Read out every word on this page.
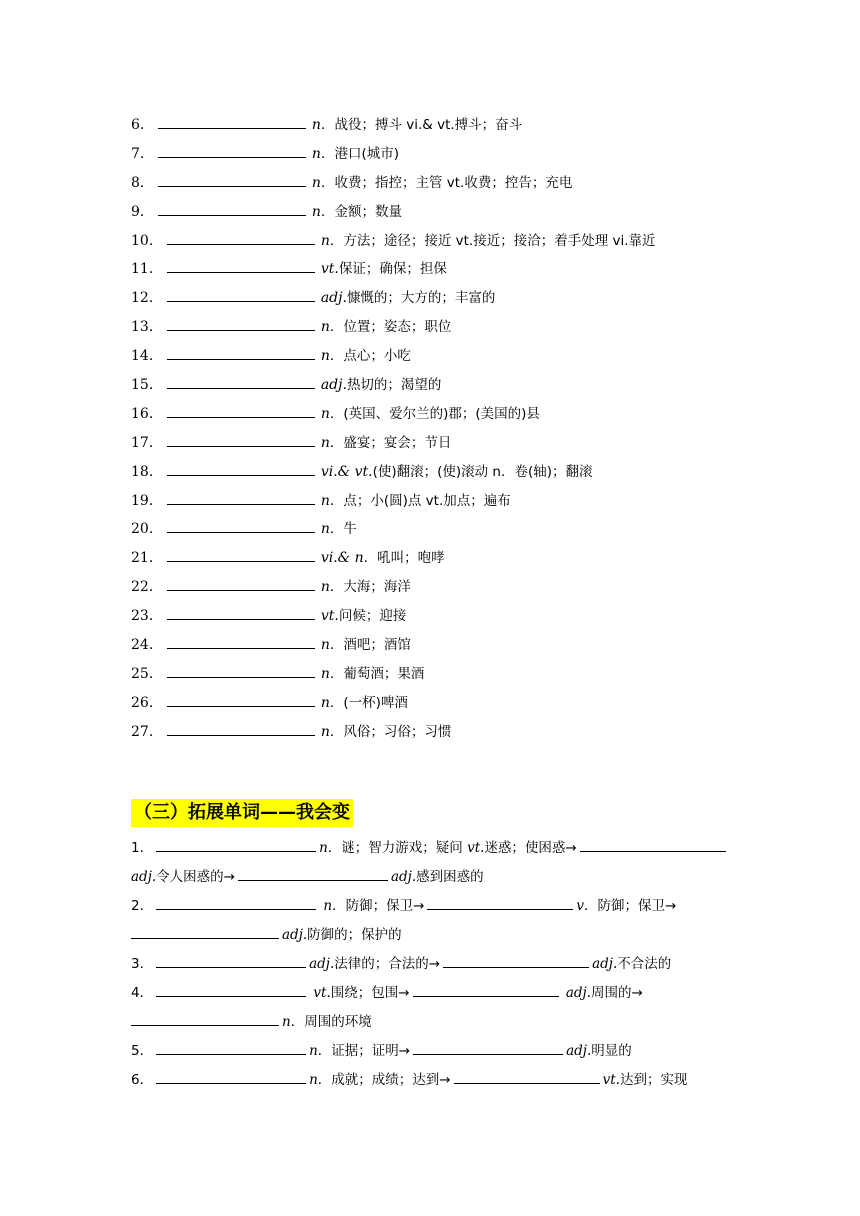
6．	n．战役；搏斗 vi.& vt.搏斗；奋斗
7．	n．港口(城市)
8．	n．收费；指控；主管 vt.收费；控告；充电
9．	n．金额；数量
10．	n．方法；途径；接近 vt.接近；接洽；着手处理 vi.靠近
11．	vt.保证；确保；担保
12．	adj.慷慨的；大方的；丰富的
13．	n．位置；姿态；职位
14．	n．点心；小吃
15．	adj.热切的；渴望的
16．	n．(英国、爱尔兰的)郡；(美国的)县
17．	n．盛宴；宴会；节日
18．	vi.& vt.(使)翻滚；(使)滚动 n．卷(轴)；翻滚
19．	n．点；小(圆)点 vt.加点；遍布
20．	n．牛
21．	vi.& n．吼叫；咆哮
22．	n．大海；海洋
23．	vt.问候；迎接
24．	n．酒吧；酒馆
25．	n．葡萄酒；果酒
26．	n．(一杯)啤酒
27．	n．风俗；习俗；习惯
（三）拓展单词——我会变
1．	n．谜；智力游戏；疑问 vt.迷惑；使困惑→
adj.令人困惑的→	adj.感到困惑的
2．	n．防御；保卫→	v．防御；保卫→
adj.防御的；保护的
3．	adj.法律的；合法的→	adj.不合法的
4．	vt.围绕；包围→	adj.周围的→
n．周围的环境
5．	n．证据；证明→	adj.明显的
6．	n．成就；成绩；达到→	vt.达到；实现
